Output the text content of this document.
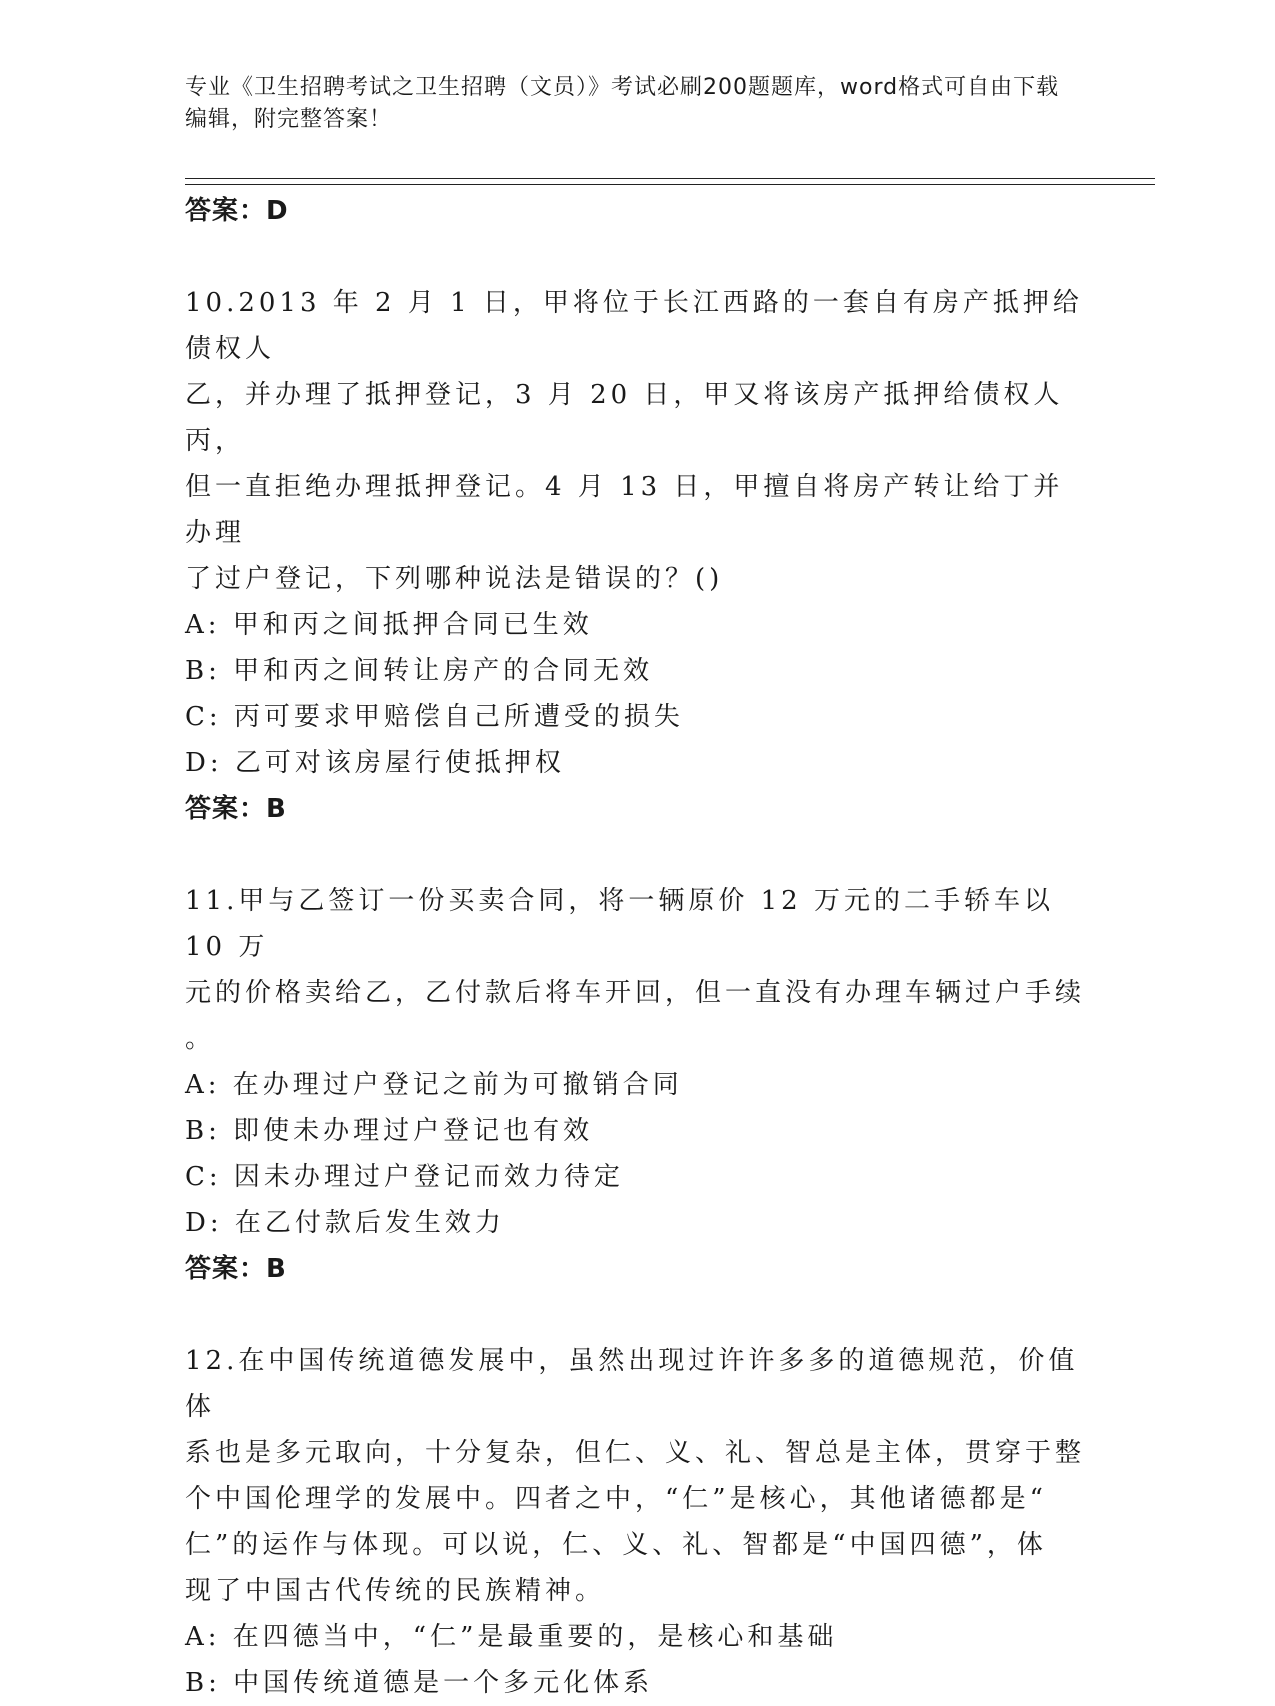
专业《卫生招聘考试之卫生招聘（文员）》考试必刷200题题库，word格式可自由下载编辑，附完整答案！
答案：D
10.2013 年 2 月 1 日，甲将位于长江西路的一套自有房产抵押给债权人
乙，并办理了抵押登记，3 月 20 日，甲又将该房产抵押给债权人丙，
但一直拒绝办理抵押登记。4 月 13 日，甲擅自将房产转让给丁并办理
了过户登记，下列哪种说法是错误的？()
A: 甲和丙之间抵押合同已生效
B: 甲和丙之间转让房产的合同无效
C: 丙可要求甲赔偿自己所遭受的损失
D: 乙可对该房屋行使抵押权
答案：B
11.甲与乙签订一份买卖合同，将一辆原价 12 万元的二手轿车以 10 万
元的价格卖给乙，乙付款后将车开回，但一直没有办理车辆过户手续
。
A: 在办理过户登记之前为可撤销合同
B: 即使未办理过户登记也有效
C: 因未办理过户登记而效力待定
D: 在乙付款后发生效力
答案：B
12.在中国传统道德发展中，虽然出现过许许多多的道德规范，价值体
系也是多元取向，十分复杂，但仁、义、礼、智总是主体，贯穿于整
个中国伦理学的发展中。四者之中，“仁”是核心，其他诸德都是“
仁”的运作与体现。可以说，仁、义、礼、智都是“中国四德”，体
现了中国古代传统的民族精神。
A: 在四德当中，“仁”是最重要的，是核心和基础
B: 中国传统道德是一个多元化体系
